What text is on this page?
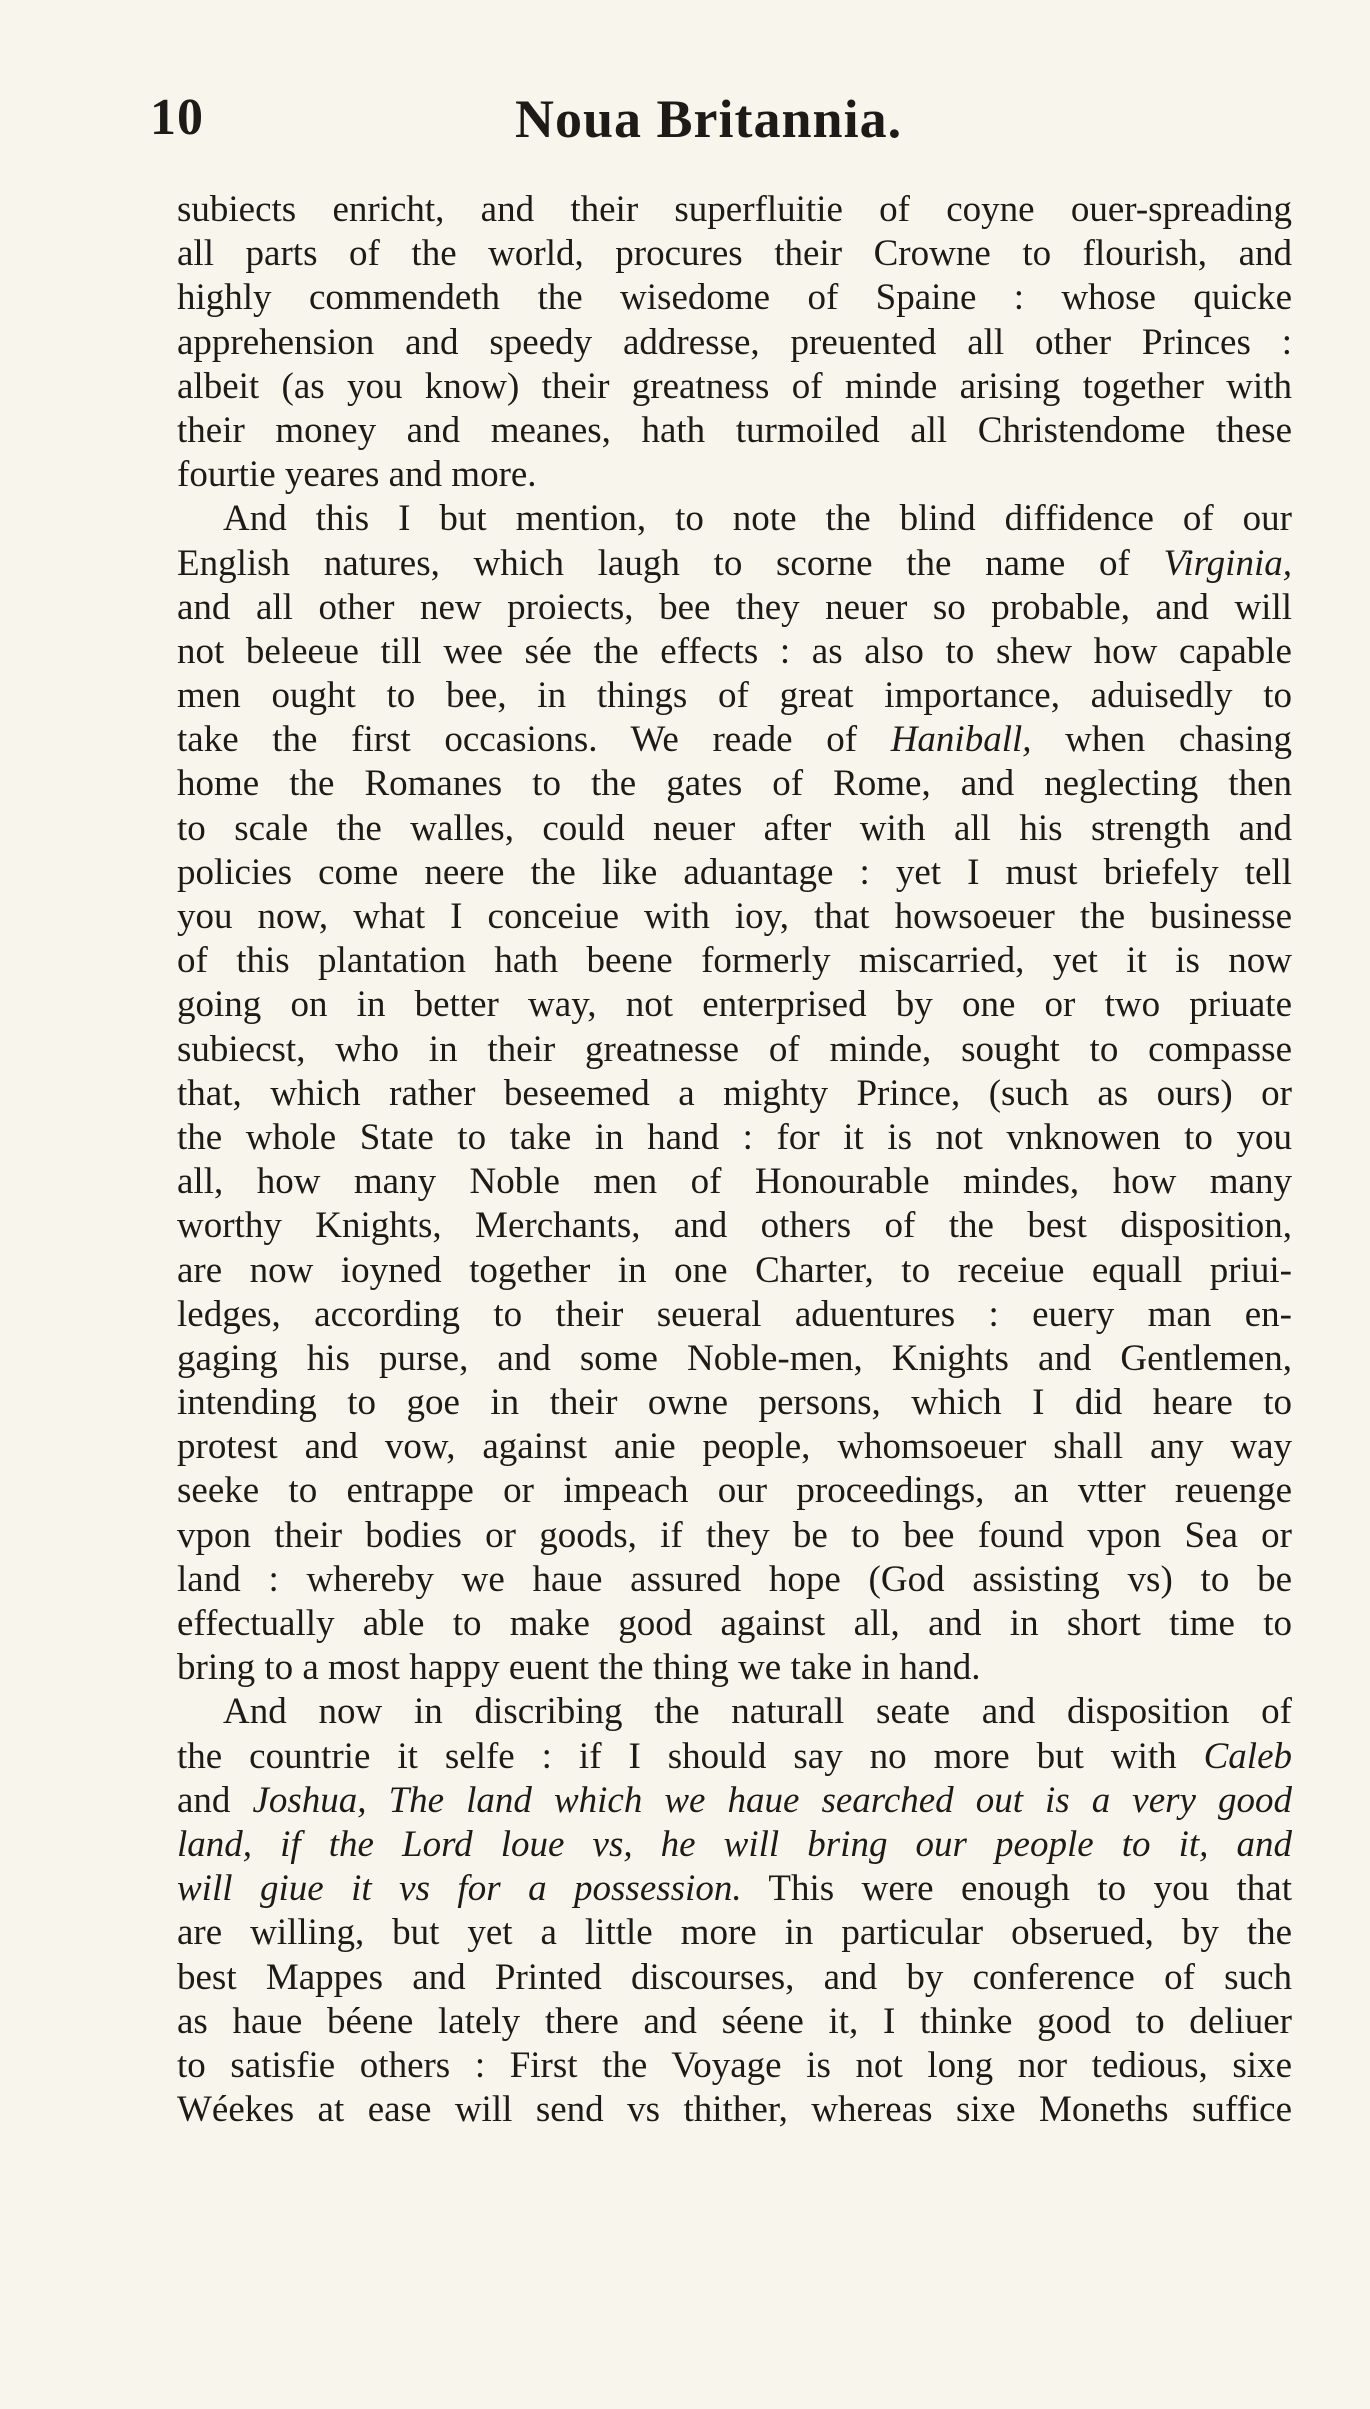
10	Noua Britannia.
subiects enricht, and their superfluitie of coyne ouer-spreading
all parts of the world, procures their Crowne to flourish, and
highly commendeth the wisedome of Spaine : whose quicke
apprehension and speedy addresse, preuented all other Princes :
albeit (as you know) their greatness of minde arising together with
their money and meanes, hath turmoiled all Christendome these
fourtie yeares and more.
And this I but mention, to note the blind diffidence of our
English natures, which laugh to scorne the name of Virginia,
and all other new proiects, bee they neuer so probable, and will
not beleeue till wee sée the effects : as also to shew how capable
men ought to bee, in things of great importance, aduisedly to
take the first occasions. We reade of Haniball, when chasing
home the Romanes to the gates of Rome, and neglecting then
to scale the walles, could neuer after with all his strength and
policies come neere the like aduantage : yet I must briefely tell
you now, what I conceiue with ioy, that howsoeuer the businesse
of this plantation hath beene formerly miscarried, yet it is now
going on in better way, not enterprised by one or two priuate
subiecst, who in their greatnesse of minde, sought to compasse
that, which rather beseemed a mighty Prince, (such as ours) or
the whole State to take in hand : for it is not vnknowen to you
all, how many Noble men of Honourable mindes, how many
worthy Knights, Merchants, and others of the best disposition,
are now ioyned together in one Charter, to receiue equall priui-
ledges, according to their seueral aduentures : euery man en-
gaging his purse, and some Noble-men, Knights and Gentlemen,
intending to goe in their owne persons, which I did heare to
protest and vow, against anie people, whomsoeuer shall any way
seeke to entrappe or impeach our proceedings, an vtter reuenge
vpon their bodies or goods, if they be to bee found vpon Sea or
land : whereby we haue assured hope (God assisting vs) to be
effectually able to make good against all, and in short time to
bring to a most happy euent the thing we take in hand.
And now in discribing the naturall seate and disposition of
the countrie it selfe : if I should say no more but with Caleb
and Joshua, The land which we haue searched out is a very good
land, if the Lord loue vs, he will bring our people to it, and
will giue it vs for a possession. This were enough to you that
are willing, but yet a little more in particular obserued, by the
best Mappes and Printed discourses, and by conference of such
as haue béene lately there and séene it, I thinke good to deliuer
to satisfie others : First the Voyage is not long nor tedious, sixe
Wéekes at ease will send vs thither, whereas sixe Moneths suffice
